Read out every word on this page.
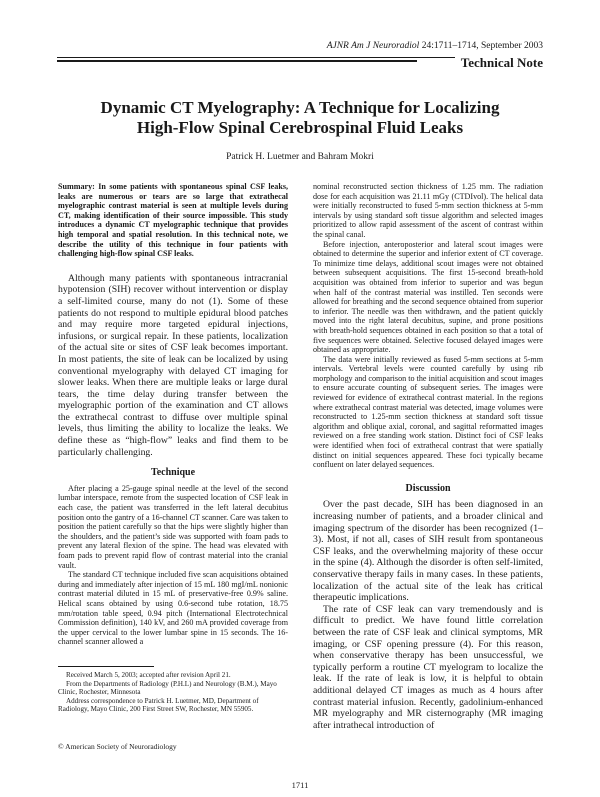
AJNR Am J Neuroradiol 24:1711–1714, September 2003
Technical Note
Dynamic CT Myelography: A Technique for Localizing
High-Flow Spinal Cerebrospinal Fluid Leaks
Patrick H. Luetmer and Bahram Mokri

Summary: In some patients with spontaneous spinal CSF leaks, leaks are numerous or tears are so large that extrathecal myelographic contrast material is seen at multiple levels during CT, making identification of their source impossible. This study introduces a dynamic CT myelographic technique that provides high temporal and spatial resolution. In this technical note, we describe the utility of this technique in four patients with challenging high-flow spinal CSF leaks.

Although many patients with spontaneous intracranial hypotension (SIH) recover without intervention or display a self-limited course, many do not (1). Some of these patients do not respond to multiple epidural blood patches and may require more targeted epidural injections, infusions, or surgical repair. In these patients, localization of the actual site or sites of CSF leak becomes important. In most patients, the site of leak can be localized by using conventional myelography with delayed CT imaging for slower leaks. When there are multiple leaks or large dural tears, the time delay during transfer between the myelographic portion of the examination and CT allows the extrathecal contrast to diffuse over multiple spinal levels, thus limiting the ability to localize the leaks. We define these as “high-flow” leaks and find them to be particularly challenging.

Technique

After placing a 25-gauge spinal needle at the level of the second lumbar interspace, remote from the suspected location of CSF leak in each case, the patient was transferred in the left lateral decubitus position onto the gantry of a 16-channel CT scanner. Care was taken to position the patient carefully so that the hips were slightly higher than the shoulders, and the patient’s side was supported with foam pads to prevent any lateral flexion of the spine. The head was elevated with foam pads to prevent rapid flow of contrast material into the cranial vault.

The standard CT technique included five scan acquisitions obtained during and immediately after injection of 15 mL 180 mgI/mL nonionic contrast material diluted in 15 mL of preservative-free 0.9% saline. Helical scans obtained by using 0.6-second tube rotation, 18.75 mm/rotation table speed, 0.94 pitch (International Electrotechnical Commission definition), 140 kV, and 260 mA provided coverage from the upper cervical to the lower lumbar spine in 15 seconds. The 16-channel scanner allowed a

Received March 5, 2003; accepted after revision April 21.

From the Departments of Radiology (P.H.L) and Neurology (B.M.), Mayo Clinic, Rochester, Minnesota

Address correspondence to Patrick H. Luetmer, MD, Department of Radiology, Mayo Clinic, 200 First Street SW, Rochester, MN 55905.

© American Society of Neuroradiology

nominal reconstructed section thickness of 1.25 mm. The radiation dose for each acquisition was 21.11 mGy (CTDIvol). The helical data were initially reconstructed to fused 5-mm section thickness at 5-mm intervals by using standard soft tissue algorithm and selected images prioritized to allow rapid assessment of the ascent of contrast within the spinal canal.

Before injection, anteroposterior and lateral scout images were obtained to determine the superior and inferior extent of CT coverage. To minimize time delays, additional scout images were not obtained between subsequent acquisitions. The first 15-second breath-hold acquisition was obtained from inferior to superior and was begun when half of the contrast material was instilled. Ten seconds were allowed for breathing and the second sequence obtained from superior to inferior. The needle was then withdrawn, and the patient quickly moved into the right lateral decubitus, supine, and prone positions with breath-hold sequences obtained in each position so that a total of five sequences were obtained. Selective focused delayed images were obtained as appropriate.

The data were initially reviewed as fused 5-mm sections at 5-mm intervals. Vertebral levels were counted carefully by using rib morphology and comparison to the initial acquisition and scout images to ensure accurate counting of subsequent series. The images were reviewed for evidence of extrathecal contrast material. In the regions where extrathecal contrast material was detected, image volumes were reconstructed to 1.25-mm section thickness at standard soft tissue algorithm and oblique axial, coronal, and sagittal reformatted images reviewed on a free standing work station. Distinct foci of CSF leaks were identified when foci of extrathecal contrast that were spatially distinct on initial sequences appeared. These foci typically became confluent on later delayed sequences.

Discussion

Over the past decade, SIH has been diagnosed in an increasing number of patients, and a broader clinical and imaging spectrum of the disorder has been recognized (1–3). Most, if not all, cases of SIH result from spontaneous CSF leaks, and the overwhelming majority of these occur in the spine (4). Although the disorder is often self-limited, conservative therapy fails in many cases. In these patients, localization of the actual site of the leak has critical therapeutic implications.

The rate of CSF leak can vary tremendously and is difficult to predict. We have found little correlation between the rate of CSF leak and clinical symptoms, MR imaging, or CSF opening pressure (4). For this reason, when conservative therapy has been unsuccessful, we typically perform a routine CT myelogram to localize the leak. If the rate of leak is low, it is helpful to obtain additional delayed CT images as much as 4 hours after contrast material infusion. Recently, gadolinium-enhanced MR myelography and MR cisternography (MR imaging after intrathecal introduction of

1711
